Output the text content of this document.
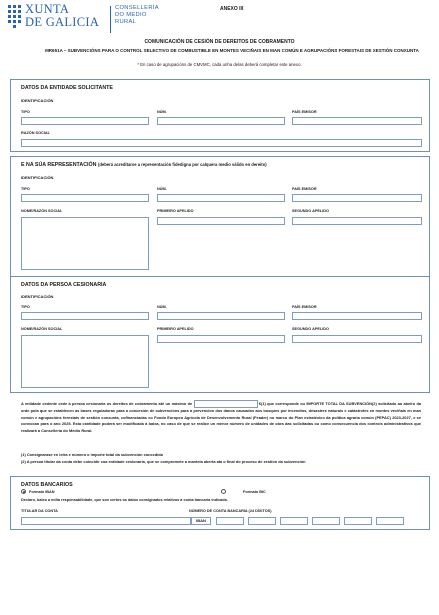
XUNTA
DE GALICIA
CONSELLERÍA
DO MEDIO
RURAL
ANEXO III
COMUNICACIÓN DE CESIÓN DE DEREITOS DE COBRAMENTO
MR651A – SUBVENCIÓNS PARA O CONTROL SELECTIVO DE COMBUSTIBLE EN MONTES VECIÑAIS EN MAN COMÚN E AGRUPACIÓNS FORESTAIS DE XESTIÓN CONXUNTA
* En caso de agrupacións de CMVMC, cada unha delas deberá completar este anexo.
DATOS DA ENTIDADE SOLICITANTE
IDENTIFICACIÓN
TIPO	NÚM.	PAÍS EMISOR
RAZÓN SOCIAL
E NA SÚA REPRESENTACIÓN (deberá acreditarse a representación fidedigna por calquera medio válido en dereito)
IDENTIFICACIÓN
TIPO	NÚM.	PAÍS EMISOR
NOME/RAZÓN SOCIAL	PRIMEIRO APELIDO	SEGUNDO APELIDO
DATOS DA PERSOA CESIONARIA
IDENTIFICACIÓN
TIPO	NÚM.	PAÍS EMISOR
NOME/RAZÓN SOCIAL	PRIMEIRO APELIDO	SEGUNDO APELIDO
A entidade cedente cede á persoa cesionaria os dereitos de cobramento até un máximo de	€(1) que corresponde ou IMPORTE TOTAL DA SUBVENCIÓN(2) solicitado ao abeiro da orde pola que se establecen as bases reguladoras para a concesión de subvencións para a prevención dos danos causados aos bosques por incendios, desastres naturais e catástrofes en montes veciñais en man común e agrupacións forestais de xestión conxunta, cofinanciadas co Fondo Europeo Agrícola de Desenvolvemento Rural (Feader) no marco do Plan estratéxico da política agraria común (PEPAC) 2023-2027, e se convocan para o ano 2025. Esta cantidade poderá ser modificada á baixa, no caso de que se realice un menor número de unidades de obra das solicitadas ou como consecuencia dos controis administrativos que realizará a Consellería do Medio Rural.
(1) Consignarase en letra e número o importe total da subvención concedida
(2) A persoa titular da conta debe coincidir coa entidade cesionaria, que se compromete a mantela aberta ata o final do proceso de xestión da subvención
DATOS BANCARIOS
Formato IBAN	Formato BIC
Declaro, baixo a miña responsabilidade, que son certos os datos consignados relativos á conta bancaria indicada.
TITULAR DA CONTA	NÚMERO DE CONTA BANCARIA (24 DÍXITOS)
IBAN
